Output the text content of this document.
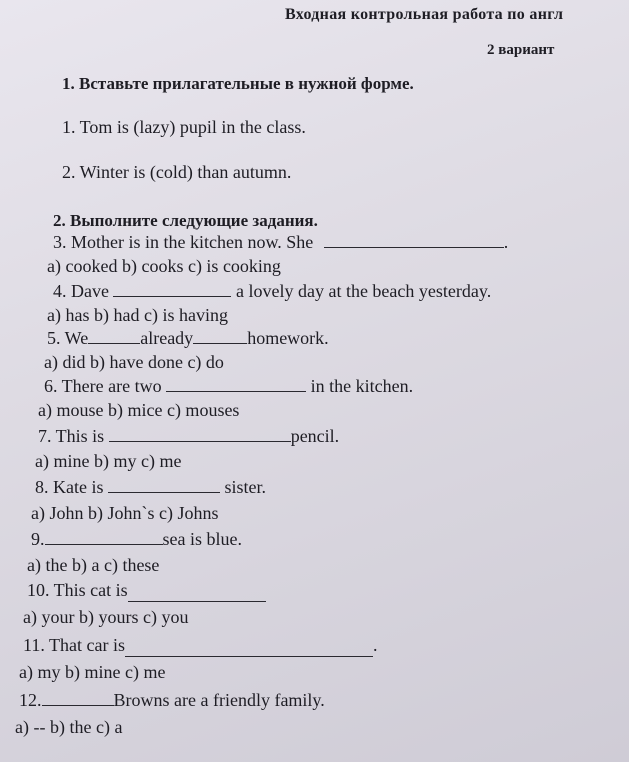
Входная контрольная работа по англ
2 вариант
1. Вставьте прилагательные в нужной форме.
1. Tom is (lazy) pupil in the class.
2. Winter is (cold) than autumn.
2. Выполните следующие задания.
3. Mother is in the kitchen now. She	.
a) cooked b) cooks c) is cooking
4. Dave	a lovely day at the beach yesterday.
a) has b) had c) is having
5. We	already	homework.
a) did b) have done c) do
6. There are two	in the kitchen.
a) mouse b) mice c) mouses
7. This is	pencil.
a) mine b) my c) me
8. Kate is	sister.
a) John b) John`s c) Johns
9.	sea is blue.
a) the b) a c) these
10. This cat is
a) your b) yours c) you
11. That car is	.
a) my b) mine c) me
12.	Browns are a friendly family.
a) -- b) the c) a
